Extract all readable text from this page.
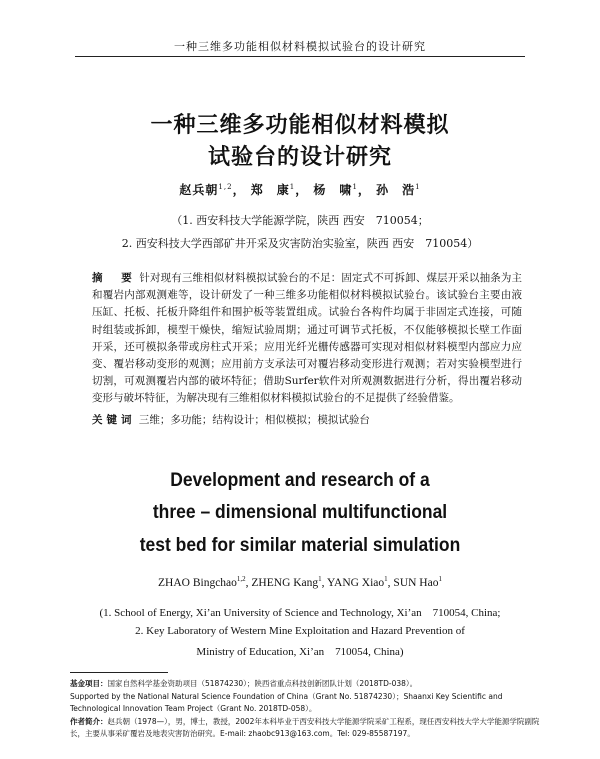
一种三维多功能相似材料模拟试验台的设计研究
一种三维多功能相似材料模拟
试验台的设计研究
赵兵朝$^{1,2}$， 郑　康$^1$， 杨　啸$^1$， 孙　浩$^1$
（1. 西安科技大学能源学院，陕西 西安　710054；
2. 西安科技大学西部矿井开采及灾害防治实验室，陕西 西安　710054）
摘　要 针对现有三维相似材料模拟试验台的不足：固定式不可拆卸、煤层开采以抽条为主和覆岩内部观测难等，设计研发了一种三维多功能相似材料模拟试验台。该试验台主要由液压缸、托板、托板升降组件和围护板等装置组成。试验台各构件均属于非固定式连接，可随时组装或拆卸，模型干燥快，缩短试验周期；通过可调节式托板，不仅能够模拟长壁工作面开采，还可模拟条带或房柱式开采；应用光纤光栅传感器可实现对相似材料模型内部应力应变、覆岩移动变形的观测；应用前方支承法可对覆岩移动变形进行观测；若对实验模型进行切割，可观测覆岩内部的破坏特征；借助Surfer软件对所观测数据进行分析，得出覆岩移动变形与破坏特征，为解决现有三维相似材料模拟试验台的不足提供了经验借鉴。
关键词 三维；多功能；结构设计；相似模拟；模拟试验台
Development and research of a
three – dimensional multifunctional
test bed for similar material simulation
ZHAO Bingchao$^{1,2}$, ZHENG Kang$^1$, YANG Xiao$^1$, SUN Hao$^1$
(1. School of Energy, Xi’an University of Science and Technology, Xi’an　710054, China;
2. Key Laboratory of Western Mine Exploitation and Hazard Prevention of
Ministry of Education, Xi’an　710054, China)
基金项目：国家自然科学基金资助项目（51874230）；陕西省重点科技创新团队计划（2018TD-038）。
Supported by the National Natural Science Foundation of China（Grant No. 51874230）；Shaanxi Key Scientific and Technological Innovation Team Project（Grant No. 2018TD-058）。
作者简介：赵兵朝（1978—），男，博士，教授，2002年本科毕业于西安科技大学能源学院采矿工程系，现任西安科技大学大学能源学院副院长，主要从事采矿覆岩及地表灾害防治研究。E-mail: zhaobc913@163.com。Tel: 029-85587197。
